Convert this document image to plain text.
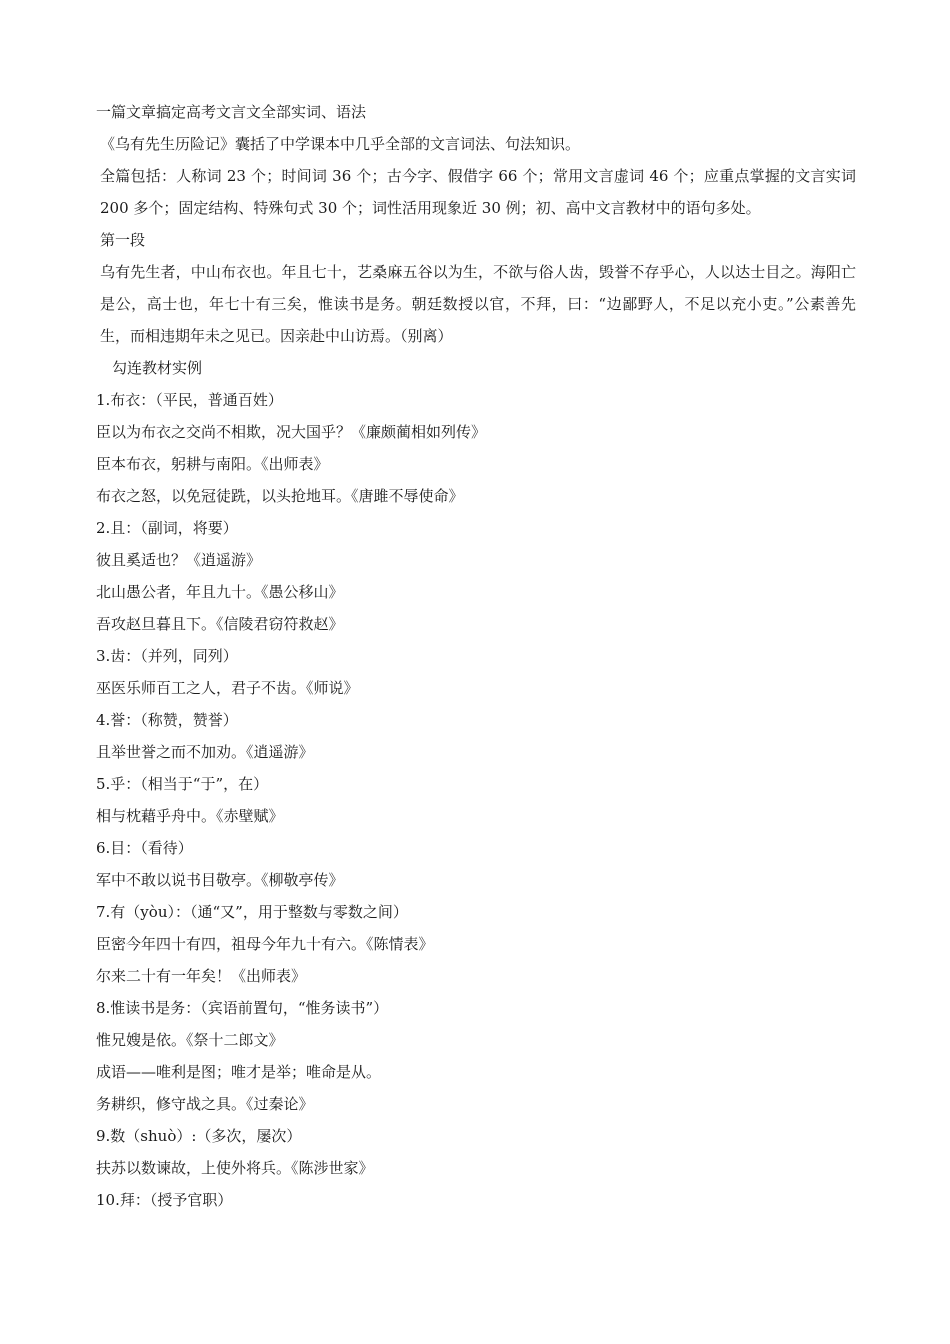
一篇文章搞定高考文言文全部实词、语法
《乌有先生历险记》囊括了中学课本中几乎全部的文言词法、句法知识。
全篇包括：人称词 23 个；时间词 36 个；古今字、假借字 66 个；常用文言虚词 46 个；应重点掌握的文言实词 200 多个；固定结构、特殊句式 30 个；词性活用现象近 30 例；初、高中文言教材中的语句多处。
第一段
乌有先生者，中山布衣也。年且七十，艺桑麻五谷以为生，不欲与俗人齿，毁誉不存乎心，人以达士目之。海阳亡是公，高士也，年七十有三矣，惟读书是务。朝廷数授以官，不拜，曰：“边鄙野人，不足以充小吏。”公素善先生，而相违期年未之见已。因亲赴中山访焉。（别离）
勾连教材实例
1.布衣：（平民，普通百姓）
臣以为布衣之交尚不相欺，况大国乎？《廉颇蔺相如列传》
臣本布衣，躬耕与南阳。《出师表》
布衣之怒，以免冠徒跣，以头抢地耳。《唐雎不辱使命》
2.且：（副词，将要）
彼且奚适也？《逍遥游》
北山愚公者，年且九十。《愚公移山》
吾攻赵旦暮且下。《信陵君窃符救赵》
3.齿：（并列，同列）
巫医乐师百工之人，君子不齿。《师说》
4.誉：（称赞，赞誉）
且举世誉之而不加劝。《逍遥游》
5.乎：（相当于“于”，在）
相与枕藉乎舟中。《赤壁赋》
6.目：（看待）
军中不敢以说书目敬亭。《柳敬亭传》
7.有（yòu）：（通“又”，用于整数与零数之间）
臣密今年四十有四，祖母今年九十有六。《陈情表》
尔来二十有一年矣！《出师表》
8.惟读书是务：（宾语前置句，“惟务读书”）
惟兄嫂是依。《祭十二郎文》
成语——唯利是图；唯才是举；唯命是从。
务耕织，修守战之具。《过秦论》
9.数（shuò）:（多次，屡次）
扶苏以数谏故，上使外将兵。《陈涉世家》
10.拜：（授予官职）
